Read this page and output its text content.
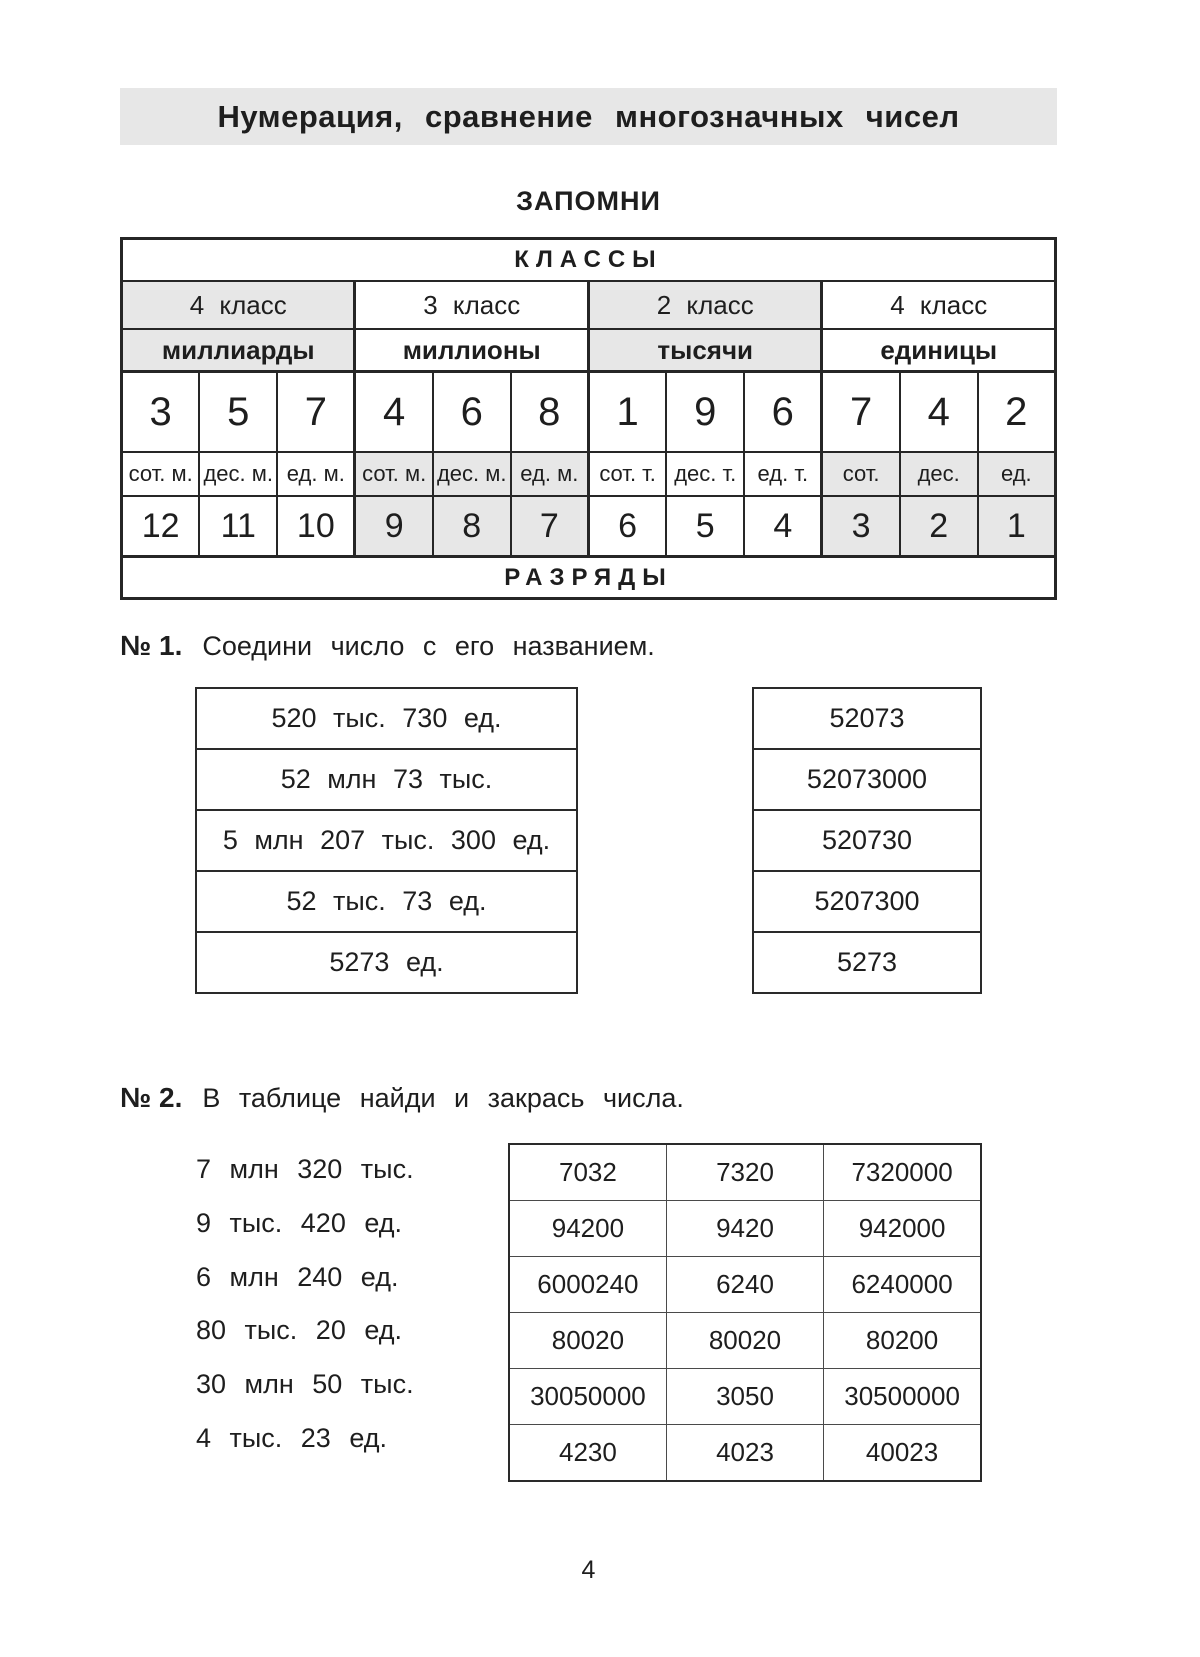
Нумерация, сравнение многозначных чисел
ЗАПОМНИ
КЛАССЫ											
4 класс			3 класс			2 класс			4 класс		
миллиарды			миллионы			тысячи			единицы		
3	5	7	4	6	8	1	9	6	7	4	2
сот. м.	дес. м.	ед. м.	сот. м.	дес. м.	ед. м.	сот. т.	дес. т.	ед. т.	сот.	дес.	ед.
12	11	10	9	8	7	6	5	4	3	2	1
РАЗРЯДЫ											
№ 1. Соедини число с его названием.
520 тыс. 730 ед.
52 млн 73 тыс.
5 млн 207 тыс. 300 ед.
52 тыс. 73 ед.
5273 ед.
52073
52073000
520730
5207300
5273
№ 2. В таблице найди и закрась числа.
7 млн 320 тыс.
9 тыс. 420 ед.
6 млн 240 ед.
80 тыс. 20 ед.
30 млн 50 тыс.
4 тыс. 23 ед.
7032	7320	7320000
94200	9420	942000
6000240	6240	6240000
80020	80020	80200
30050000	3050	30500000
4230	4023	40023
4
